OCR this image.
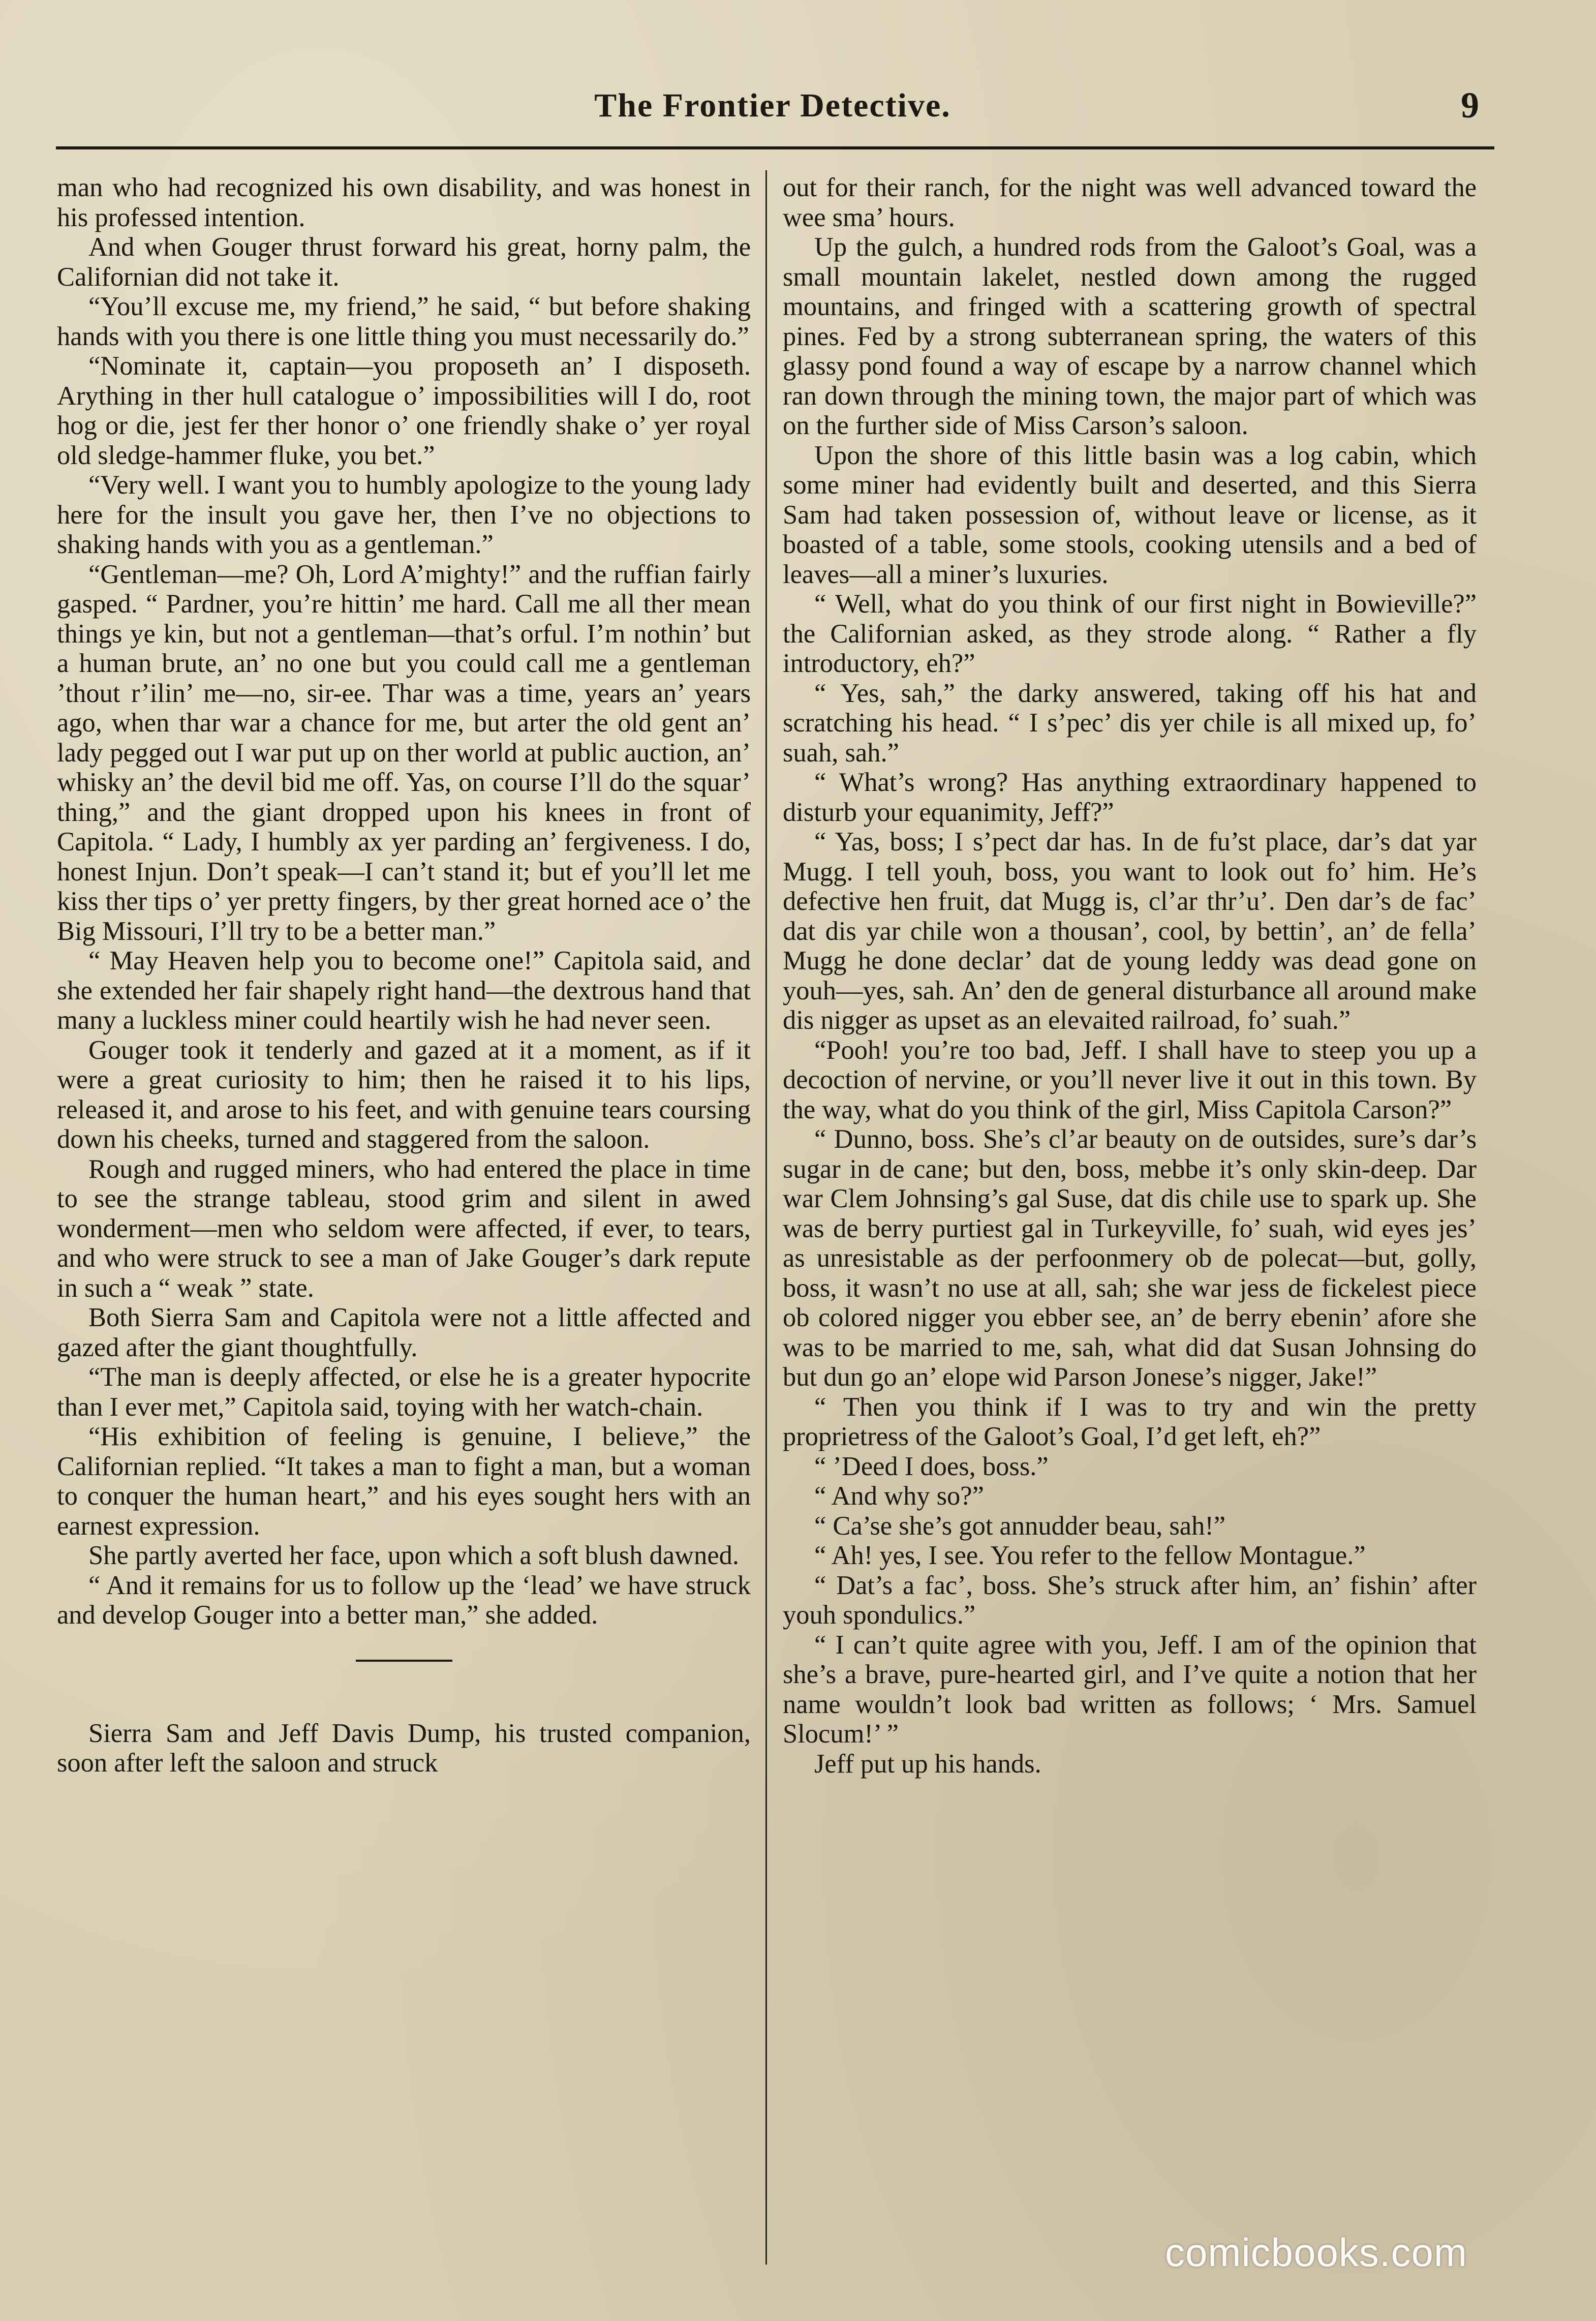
The Frontier Detective.	9

man who had recognized his own disability, and was honest in his professed intention.

And when Gouger thrust forward his great, horny palm, the Californian did not take it.

“You’ll excuse me, my friend,” he said, “ but before shaking hands with you there is one little thing you must necessarily do.”

“Nominate it, captain—you proposeth an’ I disposeth. Arything in ther hull catalogue o’ impossibilities will I do, root hog or die, jest fer ther honor o’ one friendly shake o’ yer royal old sledge-hammer fluke, you bet.”

“Very well. I want you to humbly apologize to the young lady here for the insult you gave her, then I’ve no objections to shaking hands with you as a gentleman.”

“Gentleman—me? Oh, Lord A’mighty!” and the ruffian fairly gasped. “ Pardner, you’re hittin’ me hard. Call me all ther mean things ye kin, but not a gentleman—that’s orful. I’m nothin’ but a human brute, an’ no one but you could call me a gentleman ’thout r’ilin’ me—no, sir-ee. Thar was a time, years an’ years ago, when thar war a chance for me, but arter the old gent an’ lady pegged out I war put up on ther world at public auction, an’ whisky an’ the devil bid me off. Yas, on course I’ll do the squar’ thing,” and the giant dropped upon his knees in front of Capitola. “ Lady, I humbly ax yer parding an’ fergiveness. I do, honest Injun. Don’t speak—I can’t stand it; but ef you’ll let me kiss ther tips o’ yer pretty fingers, by ther great horned ace o’ the Big Missouri, I’ll try to be a better man.”

“ May Heaven help you to become one!” Capitola said, and she extended her fair shapely right hand—the dextrous hand that many a luckless miner could heartily wish he had never seen.

Gouger took it tenderly and gazed at it a moment, as if it were a great curiosity to him; then he raised it to his lips, released it, and arose to his feet, and with genuine tears coursing down his cheeks, turned and staggered from the saloon.

Rough and rugged miners, who had entered the place in time to see the strange tableau, stood grim and silent in awed wonderment—men who seldom were affected, if ever, to tears, and who were struck to see a man of Jake Gouger’s dark repute in such a “ weak ” state.

Both Sierra Sam and Capitola were not a little affected and gazed after the giant thoughtfully.

“The man is deeply affected, or else he is a greater hypocrite than I ever met,” Capitola said, toying with her watch-chain.

“His exhibition of feeling is genuine, I believe,” the Californian replied. “It takes a man to fight a man, but a woman to conquer the human heart,” and his eyes sought hers with an earnest expression.

She partly averted her face, upon which a soft blush dawned.

“ And it remains for us to follow up the ‘lead’ we have struck and develop Gouger into a better man,” she added.

Sierra Sam and Jeff Davis Dump, his trusted companion, soon after left the saloon and struck

out for their ranch, for the night was well advanced toward the wee sma’ hours.

Up the gulch, a hundred rods from the Galoot’s Goal, was a small mountain lakelet, nestled down among the rugged mountains, and fringed with a scattering growth of spectral pines. Fed by a strong subterranean spring, the waters of this glassy pond found a way of escape by a narrow channel which ran down through the mining town, the major part of which was on the further side of Miss Carson’s saloon.

Upon the shore of this little basin was a log cabin, which some miner had evidently built and deserted, and this Sierra Sam had taken possession of, without leave or license, as it boasted of a table, some stools, cooking utensils and a bed of leaves—all a miner’s luxuries.

“ Well, what do you think of our first night in Bowieville?” the Californian asked, as they strode along. “ Rather a fly introductory, eh?”

“ Yes, sah,” the darky answered, taking off his hat and scratching his head. “ I s’pec’ dis yer chile is all mixed up, fo’ suah, sah.”

“ What’s wrong? Has anything extraordinary happened to disturb your equanimity, Jeff?”

“ Yas, boss; I s’pect dar has. In de fu’st place, dar’s dat yar Mugg. I tell youh, boss, you want to look out fo’ him. He’s defective hen fruit, dat Mugg is, cl’ar thr’u’. Den dar’s de fac’ dat dis yar chile won a thousan’, cool, by bettin’, an’ de fella’ Mugg he done declar’ dat de young leddy was dead gone on youh—yes, sah. An’ den de general disturbance all around make dis nigger as upset as an elevaited railroad, fo’ suah.”

“Pooh! you’re too bad, Jeff. I shall have to steep you up a decoction of nervine, or you’ll never live it out in this town. By the way, what do you think of the girl, Miss Capitola Carson?”

“ Dunno, boss. She’s cl’ar beauty on de outsides, sure’s dar’s sugar in de cane; but den, boss, mebbe it’s only skin-deep. Dar war Clem Johnsing’s gal Suse, dat dis chile use to spark up. She was de berry purtiest gal in Turkeyville, fo’ suah, wid eyes jes’ as unresistable as der perfoonmery ob de polecat—but, golly, boss, it wasn’t no use at all, sah; she war jess de fickelest piece ob colored nigger you ebber see, an’ de berry ebenin’ afore she was to be married to me, sah, what did dat Susan Johnsing do but dun go an’ elope wid Parson Jonese’s nigger, Jake!”

“ Then you think if I was to try and win the pretty proprietress of the Galoot’s Goal, I’d get left, eh?”

“ ’Deed I does, boss.”

“ And why so?”

“ Ca’se she’s got annudder beau, sah!”

“ Ah! yes, I see. You refer to the fellow Montague.”

“ Dat’s a fac’, boss. She’s struck after him, an’ fishin’ after youh spondulics.”

“ I can’t quite agree with you, Jeff. I am of the opinion that she’s a brave, pure-hearted girl, and I’ve quite a notion that her name wouldn’t look bad written as follows; ‘ Mrs. Samuel Slocum!’ ”

Jeff put up his hands.

comicbooks.com
